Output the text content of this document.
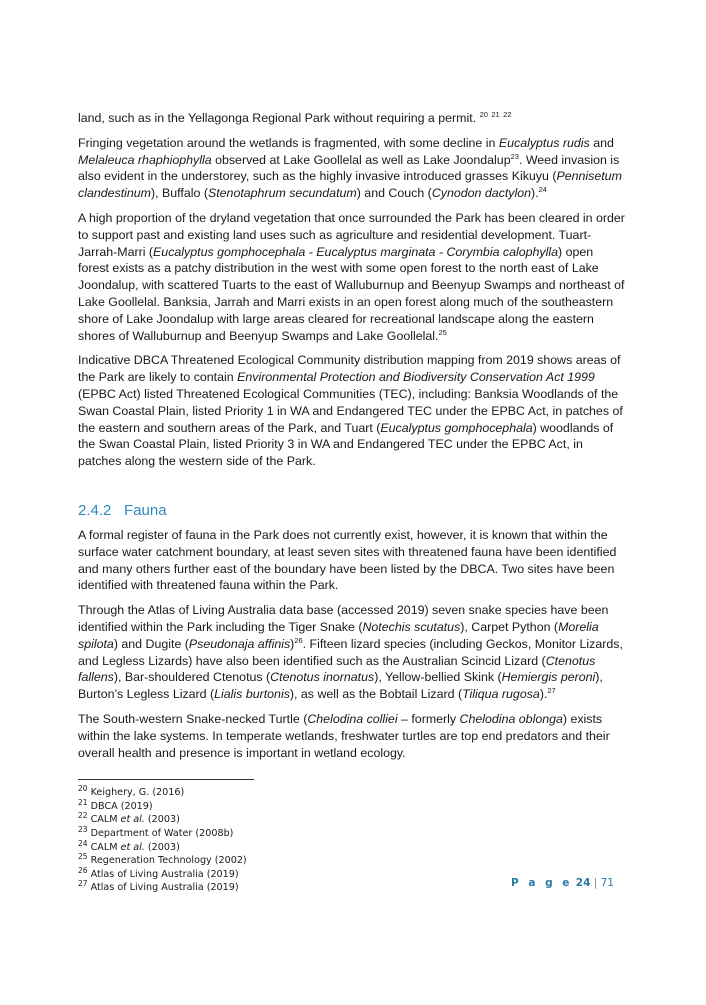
land, such as in the Yellagonga Regional Park without requiring a permit. $^{20}$ $^{21}$ $^{22}$

Fringing vegetation around the wetlands is fragmented, with some decline in Eucalyptus rudis and Melaleuca rhaphiophylla observed at Lake Goollelal as well as Lake Joondalup$^{23}$. Weed invasion is also evident in the understorey, such as the highly invasive introduced grasses Kikuyu (Pennisetum clandestinum), Buffalo (Stenotaphrum secundatum) and Couch (Cynodon dactylon).$^{24}$

A high proportion of the dryland vegetation that once surrounded the Park has been cleared in order to support past and existing land uses such as agriculture and residential development. Tuart-Jarrah-Marri (Eucalyptus gomphocephala - Eucalyptus marginata - Corymbia calophylla) open forest exists as a patchy distribution in the west with some open forest to the north east of Lake Joondalup, with scattered Tuarts to the east of Walluburnup and Beenyup Swamps and northeast of Lake Goollelal. Banksia, Jarrah and Marri exists in an open forest along much of the southeastern shore of Lake Joondalup with large areas cleared for recreational landscape along the eastern shores of Walluburnup and Beenyup Swamps and Lake Goollelal.$^{25}$

Indicative DBCA Threatened Ecological Community distribution mapping from 2019 shows areas of the Park are likely to contain Environmental Protection and Biodiversity Conservation Act 1999 (EPBC Act) listed Threatened Ecological Communities (TEC), including: Banksia Woodlands of the Swan Coastal Plain, listed Priority 1 in WA and Endangered TEC under the EPBC Act, in patches of the eastern and southern areas of the Park, and Tuart (Eucalyptus gomphocephala) woodlands of the Swan Coastal Plain, listed Priority 3 in WA and Endangered TEC under the EPBC Act, in patches along the western side of the Park.

2.4.2 Fauna

A formal register of fauna in the Park does not currently exist, however, it is known that within the surface water catchment boundary, at least seven sites with threatened fauna have been identified and many others further east of the boundary have been listed by the DBCA. Two sites have been identified with threatened fauna within the Park.

Through the Atlas of Living Australia data base (accessed 2019) seven snake species have been identified within the Park including the Tiger Snake (Notechis scutatus), Carpet Python (Morelia spilota) and Dugite (Pseudonaja affinis)$^{26}$. Fifteen lizard species (including Geckos, Monitor Lizards, and Legless Lizards) have also been identified such as the Australian Scincid Lizard (Ctenotus fallens), Bar-shouldered Ctenotus (Ctenotus inornatus), Yellow-bellied Skink (Hemiergis peroni), Burton’s Legless Lizard (Lialis burtonis), as well as the Bobtail Lizard (Tiliqua rugosa).$^{27}$

The South-western Snake-necked Turtle (Chelodina colliei – formerly Chelodina oblonga) exists within the lake systems. In temperate wetlands, freshwater turtles are top end predators and their overall health and presence is important in wetland ecology.

$^{20}$ Keighery, G. (2016)
$^{21}$ DBCA (2019)
$^{22}$ CALM et al. (2003)
$^{23}$ Department of Water (2008b)
$^{24}$ CALM et al. (2003)
$^{25}$ Regeneration Technology (2002)
$^{26}$ Atlas of Living Australia (2019)
$^{27}$ Atlas of Living Australia (2019)	P a g e 24 | 71
